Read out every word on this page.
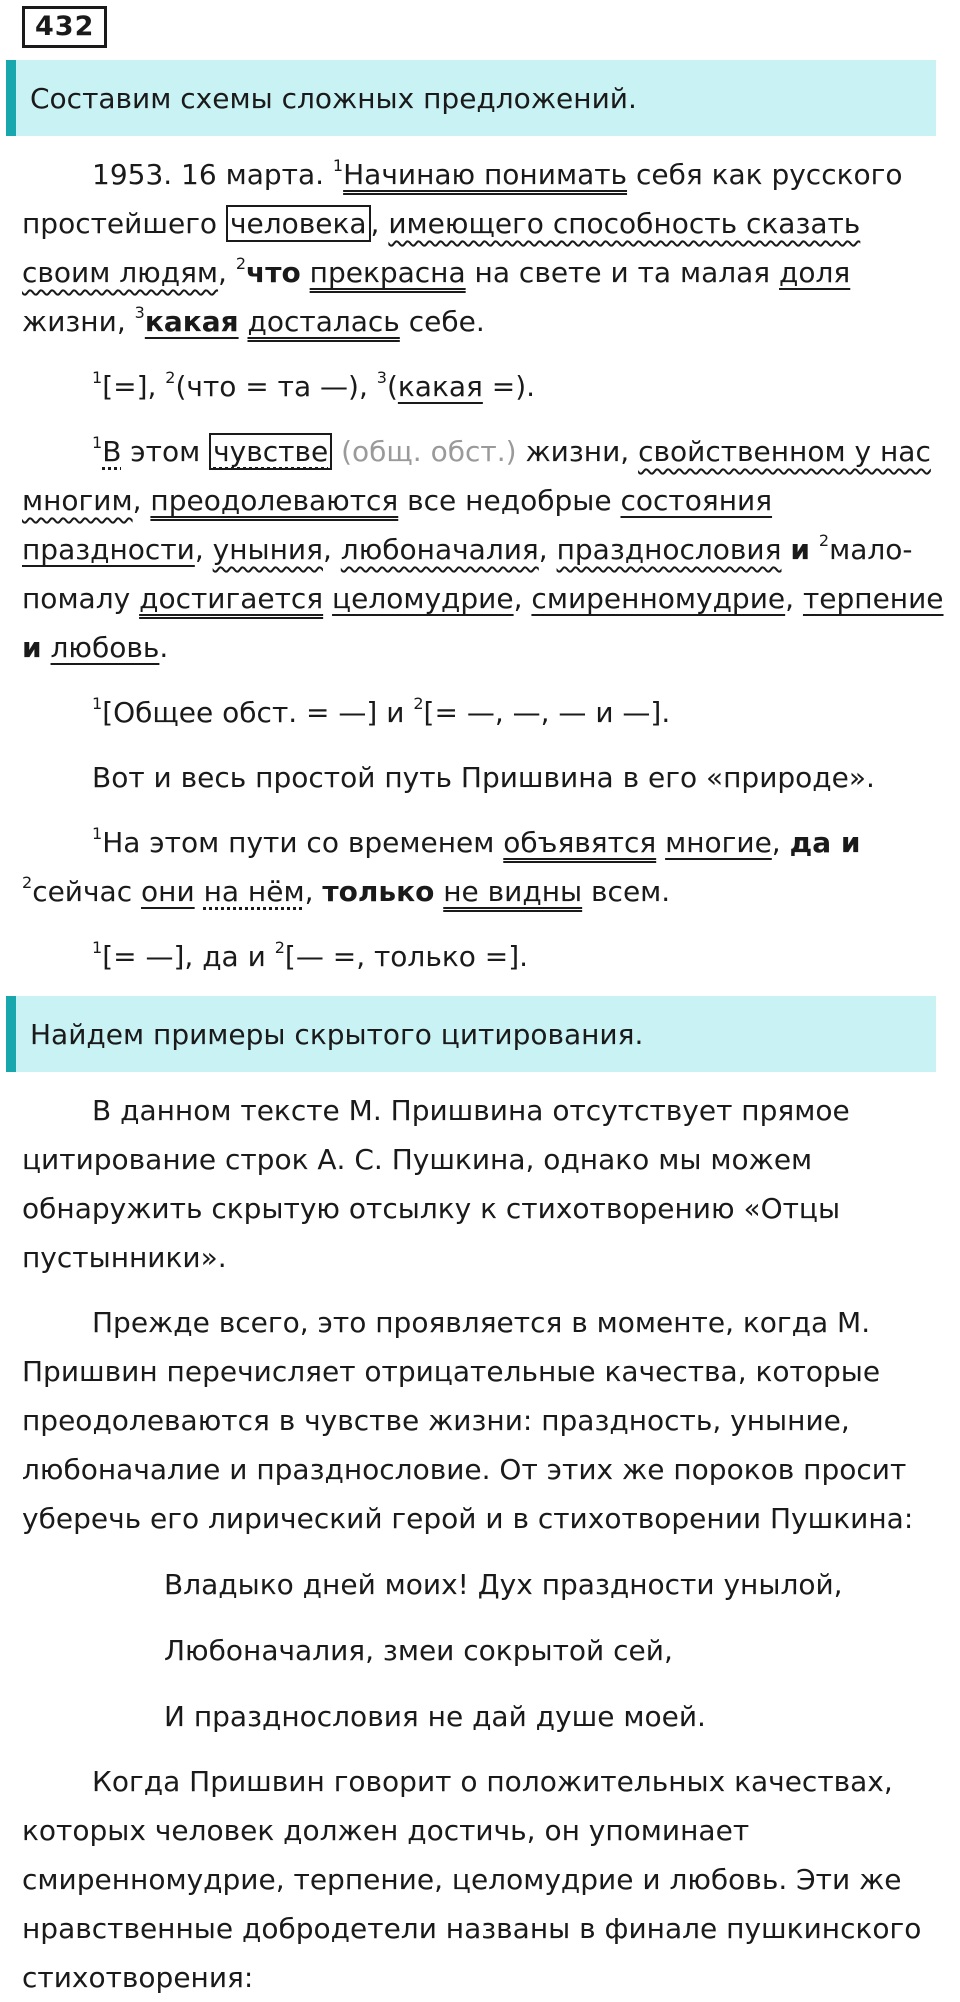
432
Составим схемы сложных предложений.

1953. 16 марта. $^1$Начинаю понимать себя как русского простейшего человека , имеющего способность сказать своим людям, $^2$что прекрасна на свете и та малая доля жизни, $^3$какая досталась себе.

$^1$[=], $^2$(что = та —), $^3$(какая =).

$^1$В этом чувстве (общ. обст.) жизни, свойственном у нас многим, преодолеваются все недобрые состояния праздности, уныния, любоначалия, празднословия и $^2$мало-помалу достигается целомудрие, смиренномудрие, терпение и любовь.

$^1$[Общее обст. = —] и $^2$[= —, —, — и —].

Вот и весь простой путь Пришвина в его «природе».

$^1$На этом пути со временем объявятся многие, да и $^2$сейчас они на нём, только не видны всем.

$^1$[= —], да и $^2$[— =, только =].

Найдем примеры скрытого цитирования.

В данном тексте М. Пришвина отсутствует прямое цитирование строк А. С. Пушкина, однако мы можем обнаружить скрытую отсылку к стихотворению «Отцы пустынники».

Прежде всего, это проявляется в моменте, когда М. Пришвин перечисляет отрицательные качества, которые преодолеваются в чувстве жизни: праздность, уныние, любоначалие и празднословие. От этих же пороков просит уберечь его лирический герой и в стихотворении Пушкина:

Владыко дней моих! Дух праздности унылой,

Любоначалия, змеи сокрытой сей,

И празднословия не дай душе моей.

Когда Пришвин говорит о положительных качествах, которых человек должен достичь, он упоминает смиренномудрие, терпение, целомудрие и любовь. Эти же нравственные добродетели названы в финале пушкинского стихотворения:
